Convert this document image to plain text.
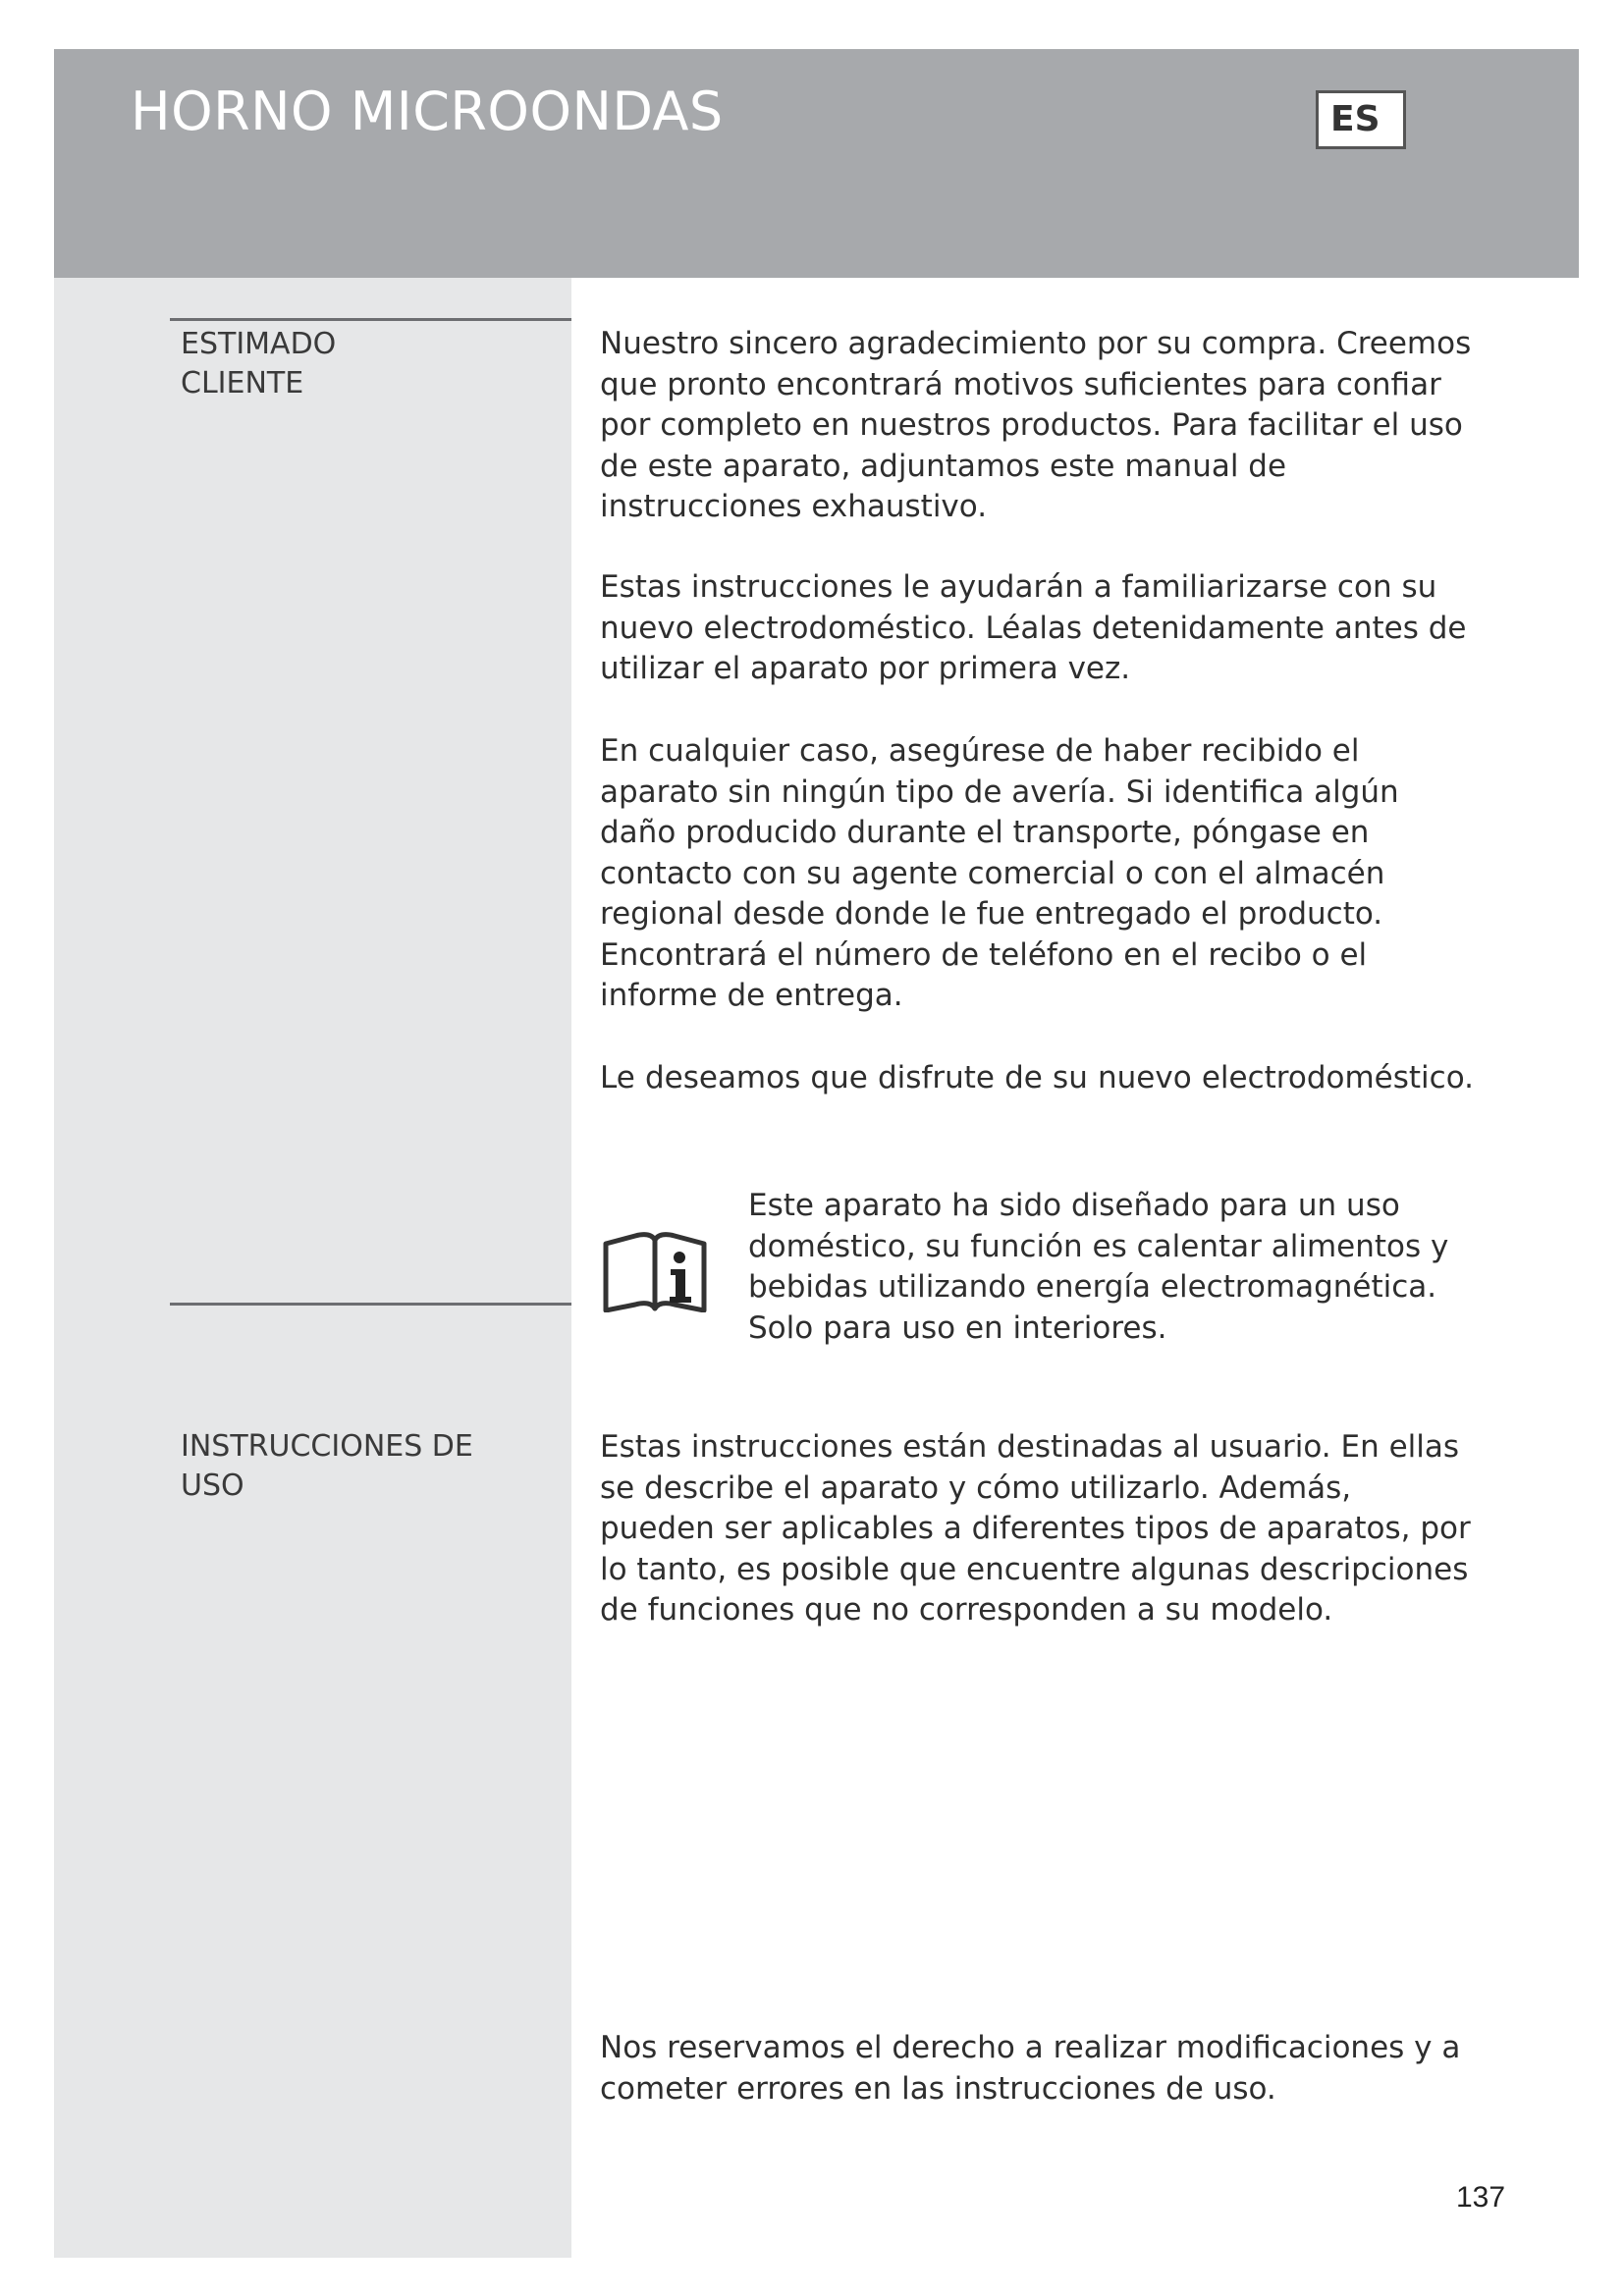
HORNO MICROONDAS	ES
ESTIMADO
CLIENTE

Nuestro sincero agradecimiento por su compra. Creemos que pronto encontrará motivos suficientes para confiar por completo en nuestros productos. Para facilitar el uso de este aparato, adjuntamos este manual de instrucciones exhaustivo.

Estas instrucciones le ayudarán a familiarizarse con su nuevo electrodoméstico. Léalas detenidamente antes de utilizar el aparato por primera vez.

En cualquier caso, asegúrese de haber recibido el aparato sin ningún tipo de avería. Si identifica algún daño producido durante el transporte, póngase en contacto con su agente comercial o con el almacén regional desde donde le fue entregado el producto. Encontrará el número de teléfono en el recibo o el informe de entrega.

Le deseamos que disfrute de su nuevo electrodoméstico.

Este aparato ha sido diseñado para un uso doméstico, su función es calentar alimentos y bebidas utilizando energía electromagnética. Solo para uso en interiores.

INSTRUCCIONES DE
USO

Estas instrucciones están destinadas al usuario. En ellas se describe el aparato y cómo utilizarlo. Además, pueden ser aplicables a diferentes tipos de aparatos, por lo tanto, es posible que encuentre algunas descripciones de funciones que no corresponden a su modelo.

Nos reservamos el derecho a realizar modificaciones y a cometer errores en las instrucciones de uso.

137
